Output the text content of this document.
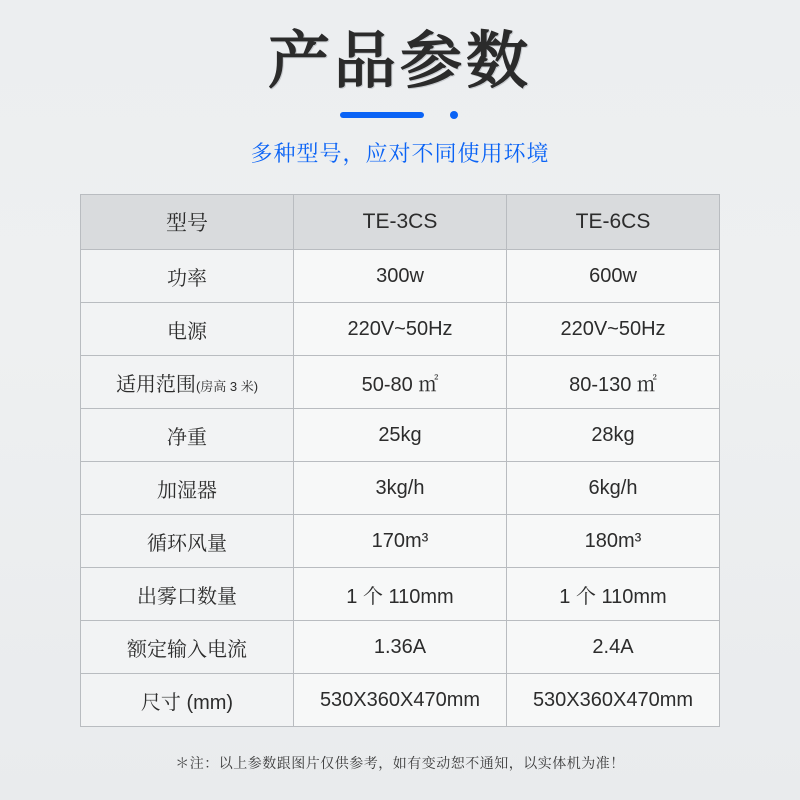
产品参数
多种型号，应对不同使用环境
型号	TE-3CS	TE-6CS
功率	300w	600w
电源	220V~50Hz	220V~50Hz
适用范围(房高 3 米)	50-80 ㎡	80-130 ㎡
净重	25kg	28kg
加湿器	3kg/h	6kg/h
循环风量	170m³	180m³
出雾口数量	1 个 110mm	1 个 110mm
额定输入电流	1.36A	2.4A
尺寸 (mm)	530X360X470mm	530X360X470mm
＊注：以上参数跟图片仅供参考，如有变动恕不通知，以实体机为准！
